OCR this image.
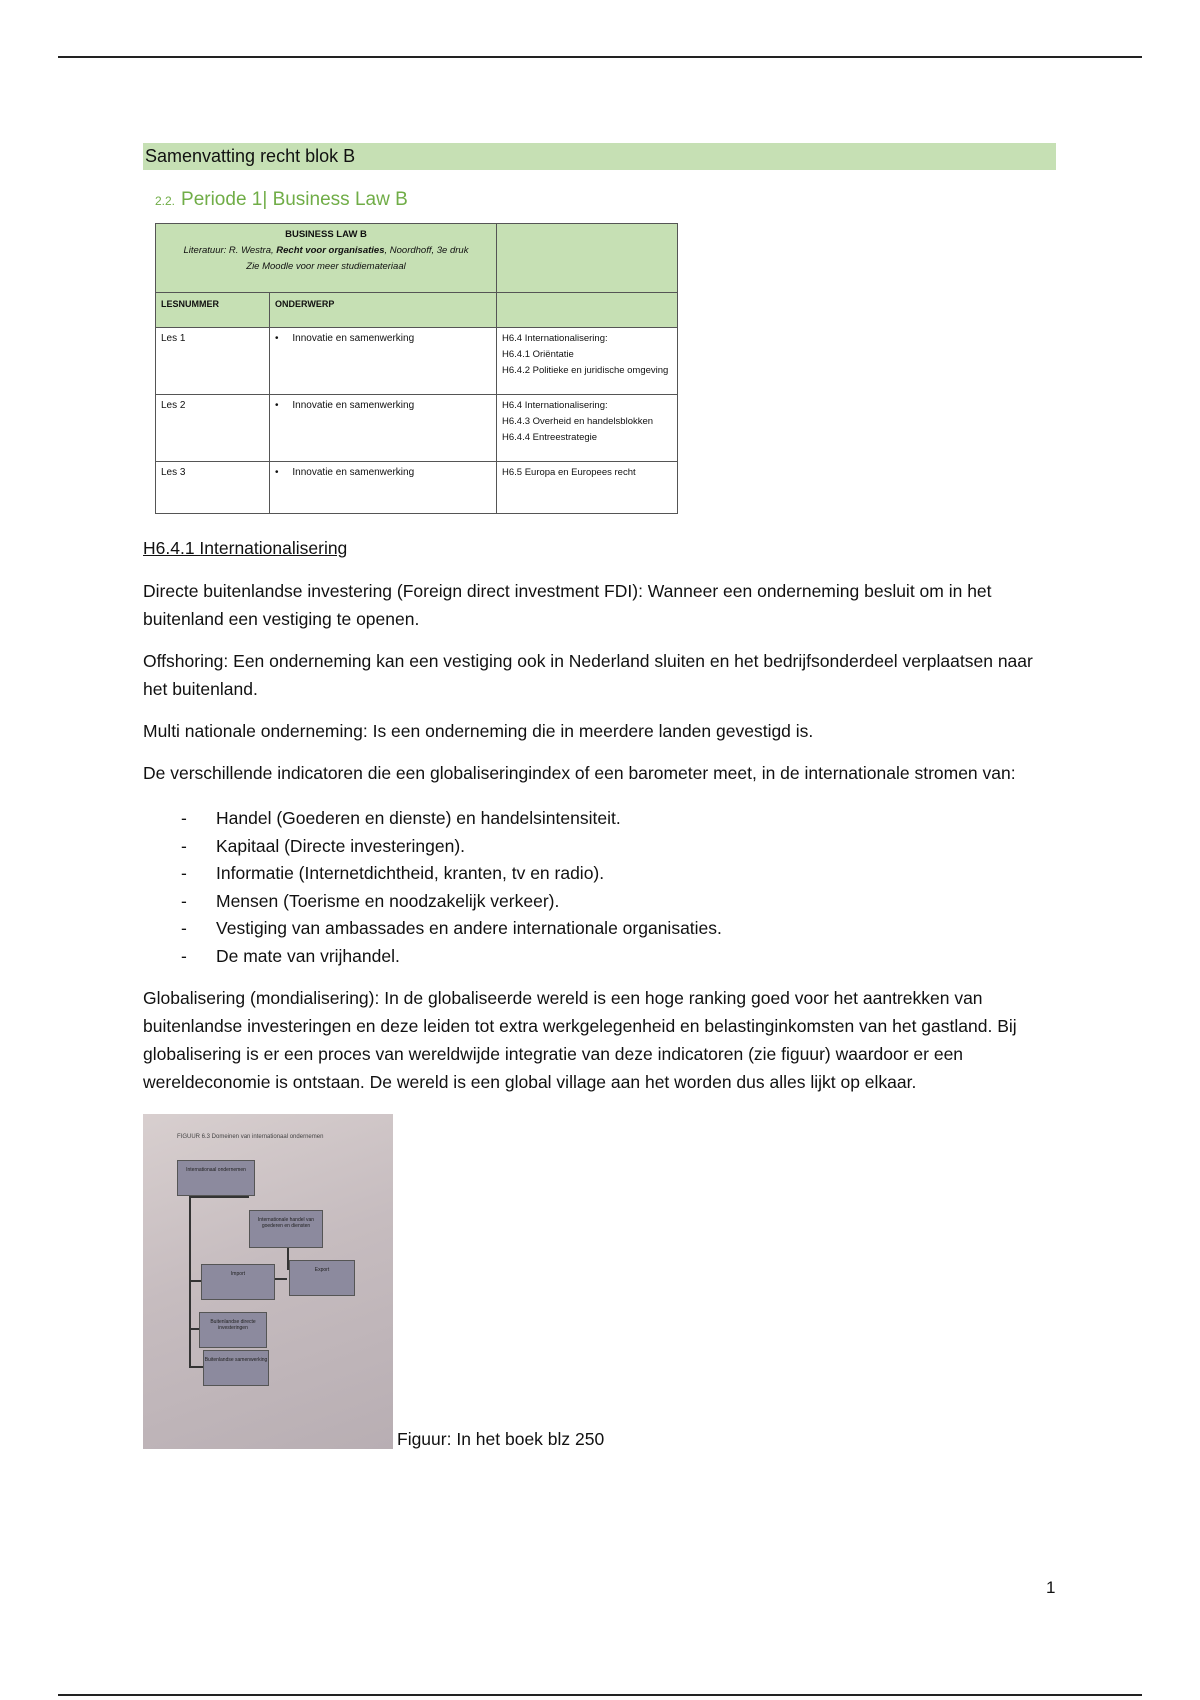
Samenvatting recht blok B
2.2. Periode 1| Business Law B
BUSINESS LAW B
Literatuur: R. Westra, Recht voor organisaties, Noordhoff, 3e druk
Zie Moodle voor meer studiemateriaal		

LESNUMMER	ONDERWERP	
Les 1	•     Innovatie en samenwerking	H6.4 Internationalisering:
H6.4.1 Oriëntatie
H6.4.2 Politieke en juridische omgeving

Les 2	•     Innovatie en samenwerking	H6.4 Internationalisering:
H6.4.3 Overheid en handelsblokken
H6.4.4 Entreestrategie

Les 3	•     Innovatie en samenwerking	H6.5 Europa en Europees recht
H6.4.1 Internationalisering

Directe buitenlandse investering (Foreign direct investment FDI): Wanneer een onderneming besluit om in het buitenland een vestiging te openen.

Offshoring: Een onderneming kan een vestiging ook in Nederland sluiten en het bedrijfsonderdeel verplaatsen naar het buitenland.

Multi nationale onderneming: Is een onderneming die in meerdere landen gevestigd is.

De verschillende indicatoren die een globaliseringindex of een barometer meet, in de internationale stromen van:

- Handel (Goederen en dienste) en handelsintensiteit.
- Kapitaal (Directe investeringen).
- Informatie (Internetdichtheid, kranten, tv en radio).
- Mensen (Toerisme en noodzakelijk verkeer).
- Vestiging van ambassades en andere internationale organisaties.
- De mate van vrijhandel.

Globalisering (mondialisering): In de globaliseerde wereld is een hoge ranking goed voor het aantrekken van buitenlandse investeringen en deze leiden tot extra werkgelegenheid en belastinginkomsten van het gastland. Bij globalisering is er een proces van wereldwijde integratie van deze indicatoren (zie figuur) waardoor er een wereldeconomie is ontstaan. De wereld is een global village aan het worden dus alles lijkt op elkaar.

FIGUUR 6.3 Domeinen van internationaal ondernemen
Internationaal ondernemen
Internationale handel van goederen en diensten
Import
Export
Buitenlandse directe investeringen
Buitenlandse samenwerking
Figuur: In het boek blz 250
1
